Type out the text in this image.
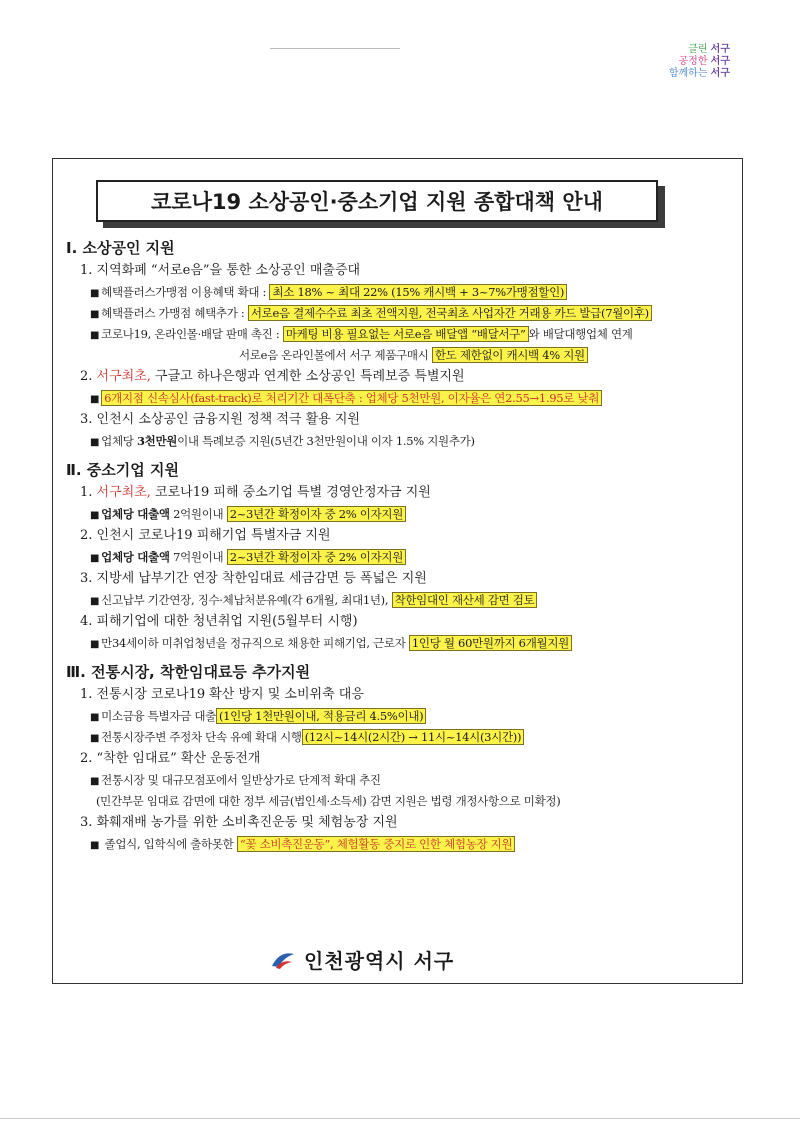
클린 서구
공정한 서구
함께하는 서구
코로나19 소상공인·중소기업 지원 종합대책 안내
Ⅰ. 소상공인 지원
1. 지역화폐 “서로e음”을 통한 소상공인 매출증대
■ 혜택플러스가맹점 이용혜택 확대 : 최소 18% ~ 최대 22% (15% 캐시백 + 3~7%가맹점할인)
■ 혜택플러스 가맹점 혜택추가 : 서로e음 결제수수료 최초 전액지원, 전국최초 사업자간 거래용 카드 발급(7월이후)
■ 코로나19, 온라인몰·배달 판매 촉진 : 마케팅 비용 필요없는 서로e음 배달앱 “배달서구” 와 배달대행업체 연계
서로e음 온라인몰에서 서구 제품구매시 한도 제한없이 캐시백 4% 지원
2. 서구최초, 구글고 하나은행과 연계한 소상공인 특례보증 특별지원
■ 6개지점 신속심사(fast-track)로 처리기간 대폭단축 : 업체당 5천만원, 이자율은 연2.55→1.95로 낮춰
3. 인천시 소상공인 금융지원 정책 적극 활용 지원
■ 업체당 3천만원이내 특례보증 지원(5년간 3천만원이내 이자 1.5% 지원추가)
Ⅱ. 중소기업 지원
1. 서구최초, 코로나19 피해 중소기업 특별 경영안정자금 지원
■ 업체당 대출액 2억원이내 2~3년간 확정이자 중 2% 이자지원
2. 인천시 코로나19 피해기업 특별자금 지원
■ 업체당 대출액 7억원이내 2~3년간 확정이자 중 2% 이자지원
3. 지방세 납부기간 연장 착한임대료 세금감면 등 폭넓은 지원
■ 신고납부 기간연장, 징수·체납처분유예(각 6개월, 최대1년), 착한임대인 재산세 감면 검토
4. 피해기업에 대한 청년취업 지원(5월부터 시행)
■ 만34세이하 미취업청년을 정규직으로 채용한 피해기업, 근로자 1인당 월 60만원까지 6개월지원
Ⅲ. 전통시장, 착한임대료등 추가지원
1. 전통시장 코로나19 확산 방지 및 소비위축 대응
■ 미소금융 특별자금 대출 (1인당 1천만원이내, 적용금리 4.5%이내)
■ 전통시장주변 주정차 단속 유예 확대 시행 (12시~14시(2시간) → 11시~14시(3시간))
2. “착한 임대료” 확산 운동전개
■ 전통시장 및 대규모점포에서 일반상가로 단계적 확대 추진
(민간부문 임대료 감면에 대한 정부 세금(법인세·소득세) 감면 지원은 법령 개정사항으로 미확정)
3. 화훼재배 농가를 위한 소비촉진운동 및 체험농장 지원
■ 졸업식, 입학식에 출하못한 “꽃 소비촉진운동”, 체험활동 중지로 인한 체험농장 지원
인천광역시 서구
